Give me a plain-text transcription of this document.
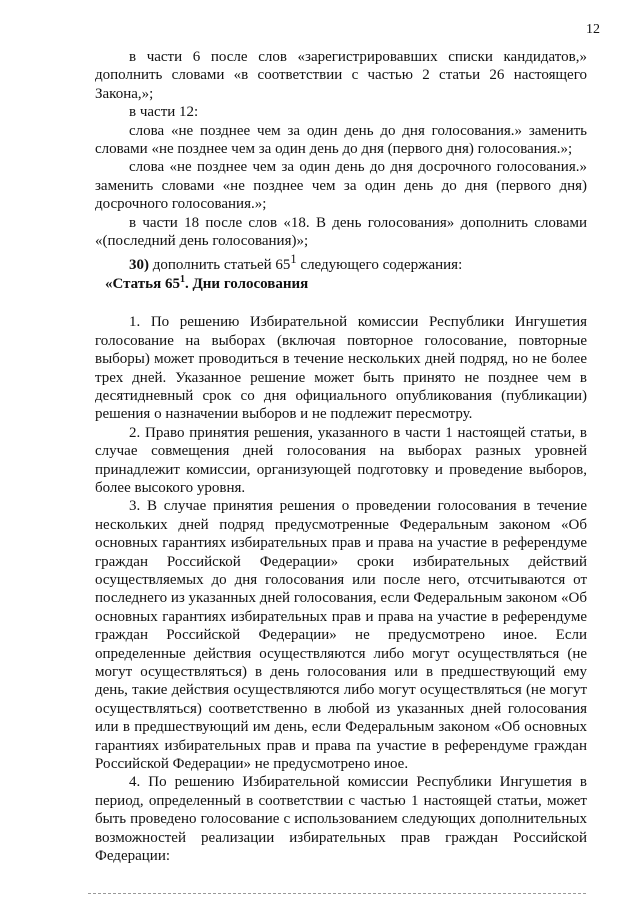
12

в части 6 после слов «зарегистрировавших списки кандидатов,» дополнить словами «в соответствии с частью 2 статьи 26 настоящего Закона,»;

в части 12:

слова «не позднее чем за один день до дня голосования.» заменить словами «не позднее чем за один день до дня (первого дня) голосования.»;

слова «не позднее чем за один день до дня досрочного голосования.» заменить словами «не позднее чем за один день до дня (первого дня) досрочного голосования.»;

в части 18 после слов «18. В день голосования» дополнить словами «(последний день голосования)»;

30) дополнить статьей $65^1$ следующего содержания:

«Статья $65^1$. Дни голосования

1. По решению Избирательной комиссии Республики Ингушетия голосование на выборах (включая повторное голосование, повторные выборы) может проводиться в течение нескольких дней подряд, но не более трех дней. Указанное решение может быть принято не позднее чем в десятидневный срок со дня официального опубликования (публикации) решения о назначении выборов и не подлежит пересмотру.

2. Право принятия решения, указанного в части 1 настоящей статьи, в случае совмещения дней голосования на выборах разных уровней принадлежит комиссии, организующей подготовку и проведение выборов, более высокого уровня.

3. В случае принятия решения о проведении голосования в течение нескольких дней подряд предусмотренные Федеральным законом «Об основных гарантиях избирательных прав и права на участие в референдуме граждан Российской Федерации» сроки избирательных действий осуществляемых до дня голосования или после него, отсчитываются от последнего из указанных дней голосования, если Федеральным законом «Об основных гарантиях избирательных прав и права на участие в референдуме граждан Российской Федерации» не предусмотрено иное. Если определенные действия осуществляются либо могут осуществляться (не могут осуществляться) в день голосования или в предшествующий ему день, такие действия осуществляются либо могут осуществляться (не могут осуществляться) соответственно в любой из указанных дней голосования или в предшествующий им день, если Федеральным законом «Об основных гарантиях избирательных прав и права па участие в референдуме граждан Российской Федерации» не предусмотрено иное.

4. По решению Избирательной комиссии Республики Ингушетия в период, определенный в соответствии с частью 1 настоящей статьи, может быть проведено голосование с использованием следующих дополнительных возможностей реализации избирательных прав граждан Российской Федерации:
